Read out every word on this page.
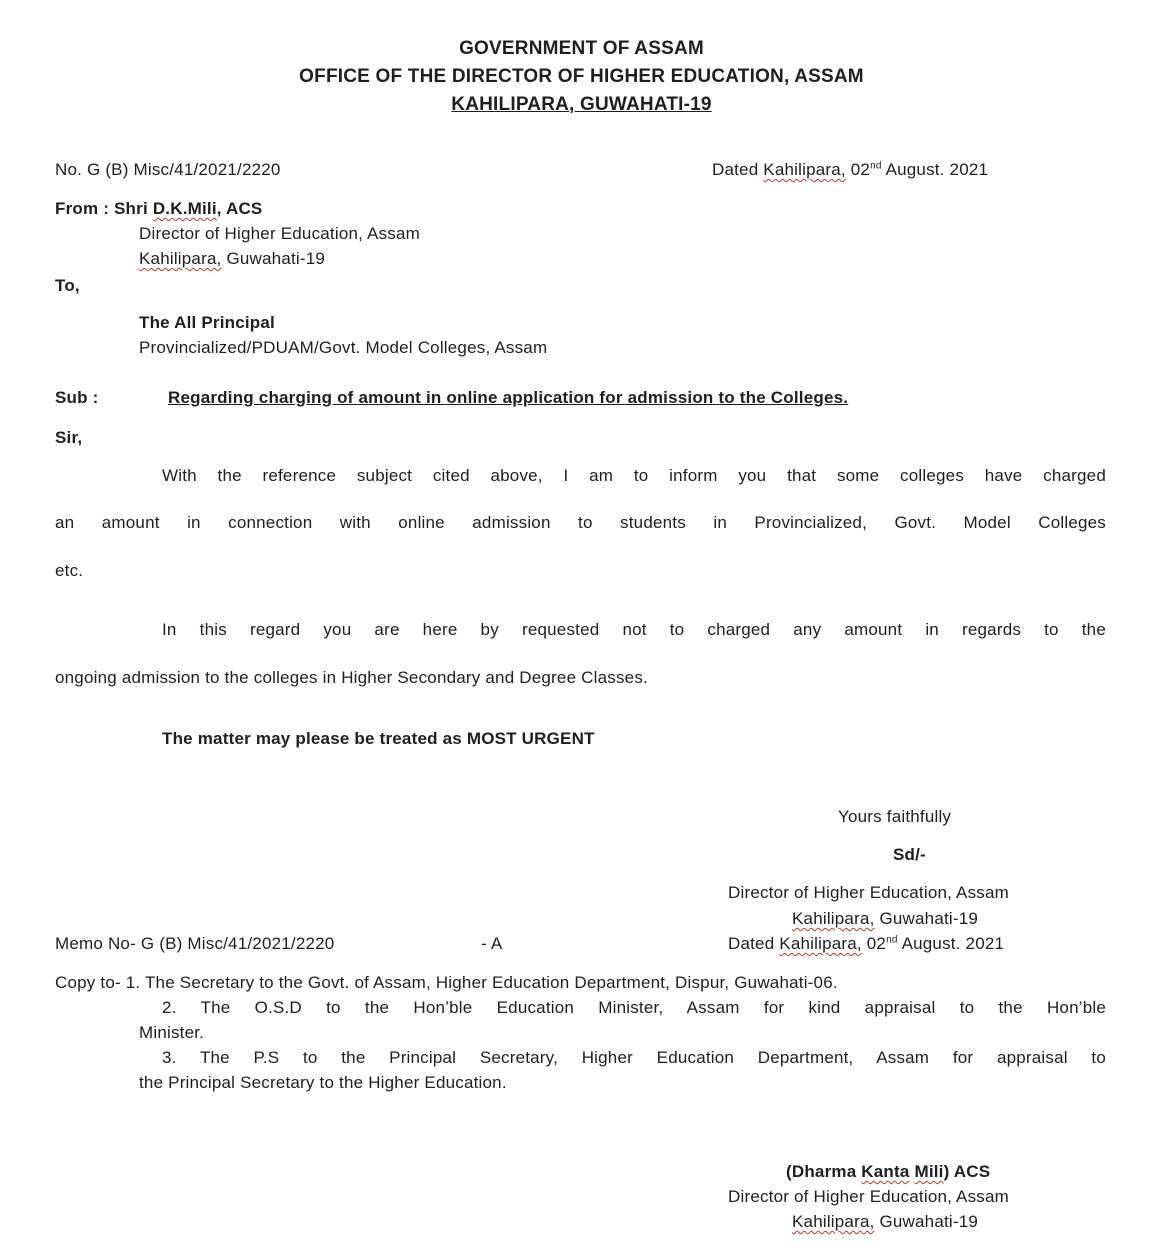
GOVERNMENT OF ASSAM
OFFICE OF THE DIRECTOR OF HIGHER EDUCATION, ASSAM
KAHILIPARA, GUWAHATI-19
No. G (B) Misc/41/2021/2220	Dated Kahilipara, 02nd August. 2021
From : Shri D.K.Mili, ACS
Director of Higher Education, Assam
Kahilipara, Guwahati-19
To,
The All Principal
Provincialized/PDUAM/Govt. Model Colleges, Assam
Sub :	Regarding charging of amount in online application for admission to the Colleges.
Sir,
With the reference subject cited above, I am to inform you that some colleges have charged
an amount in connection with online admission to students in Provincialized, Govt. Model Colleges
etc.
In this regard you are here by requested not to charged any amount in regards to the
ongoing admission to the colleges in Higher Secondary and Degree Classes.
The matter may please be treated as MOST URGENT
Yours faithfully
Sd/-
Director of Higher Education, Assam
Kahilipara, Guwahati-19
Memo No- G (B) Misc/41/2021/2220	- A	Dated Kahilipara, 02nd August. 2021
Copy to- 1. The Secretary to the Govt. of Assam, Higher Education Department, Dispur, Guwahati-06.
2. The O.S.D to the Hon’ble Education Minister, Assam for kind appraisal to the Hon’ble
Minister.
3. The P.S to the Principal Secretary, Higher Education Department, Assam for appraisal to
the Principal Secretary to the Higher Education.
(Dharma Kanta Mili) ACS
Director of Higher Education, Assam
Kahilipara, Guwahati-19
